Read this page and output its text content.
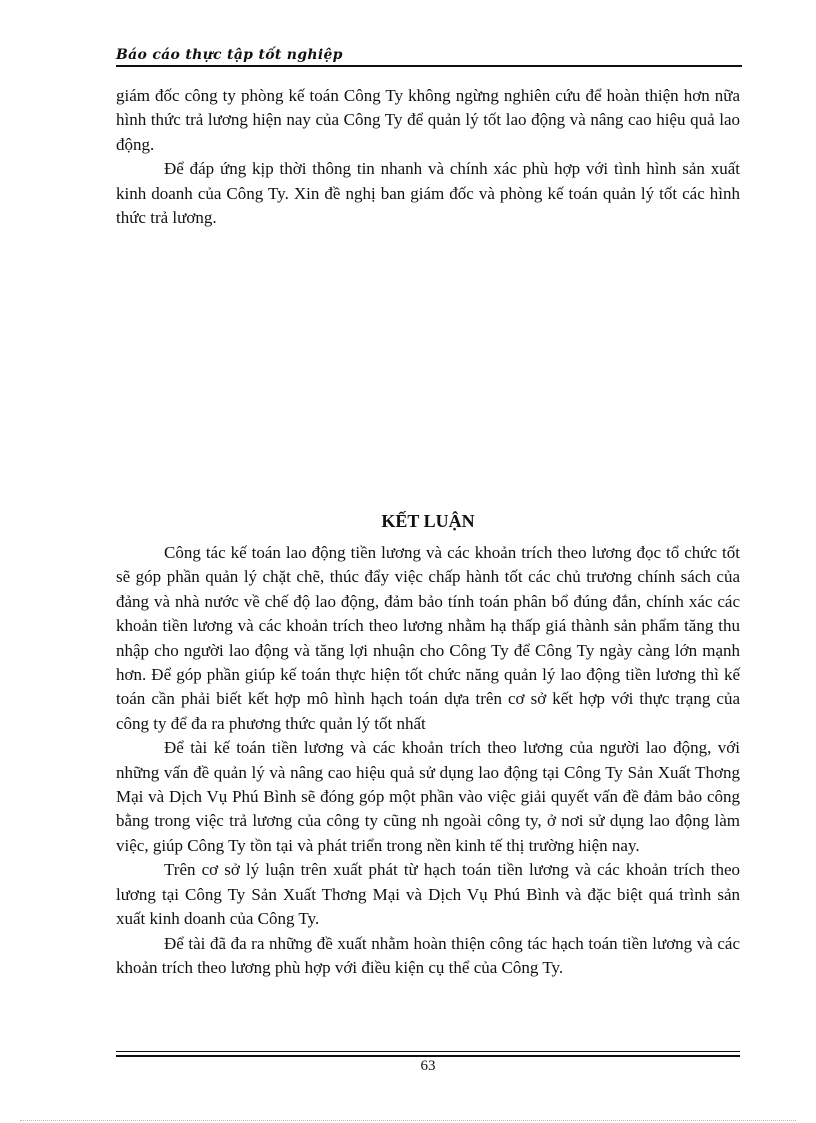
Báo cáo thực tập tốt nghiệp

giám đốc công ty phòng kế toán Công Ty không ngừng nghiên cứu để hoàn thiện hơn nữa hình thức trả lương hiện nay của Công Ty để quản lý tốt lao động và nâng cao hiệu quả lao động.

Để đáp ứng kịp thời thông tin nhanh và chính xác phù hợp với tình hình sản xuất kinh doanh của Công Ty. Xin đề nghị ban giám đốc và phòng kế toán quản lý tốt các hình thức trả lương.

KẾT LUẬN

Công tác kế toán lao động tiền lương và các khoản trích theo lương đọc tổ chức tốt sẽ góp phần quản lý chặt chẽ, thúc đẩy việc chấp hành tốt các chủ trương chính sách của đảng và nhà nước về chế độ lao động, đảm bảo tính toán phân bổ đúng đắn, chính xác các khoản tiền lương và các khoản trích theo lương nhằm hạ thấp giá thành sản phẩm tăng thu nhập cho người lao động và tăng lợi nhuận cho Công Ty để Công Ty ngày càng lớn mạnh hơn. Để góp phần giúp kế toán thực hiện tốt chức năng quản lý lao động tiền lương thì kế toán cần phải biết kết hợp mô hình hạch toán dựa trên cơ sở kết hợp với thực trạng của công ty để đa ra phương thức quản lý tốt nhất

Để tài kế toán tiền lương và các khoản trích theo lương của người lao động, với những vấn đề quản lý và nâng cao hiệu quả sử dụng lao động tại Công Ty Sản Xuất Thơng Mại và Dịch Vụ Phú Bình sẽ đóng góp một phần vào việc giải quyết vấn đề đảm bảo công bằng trong việc trả lương của công ty cũng nh ngoài công ty, ở nơi sử dụng lao động làm việc, giúp Công Ty tồn tại và phát triển trong nền kinh tế thị trường hiện nay.

Trên cơ sở lý luận trên xuất phát từ hạch toán tiền lương và các khoản trích theo lương tại Công Ty Sản Xuất Thơng Mại và Dịch Vụ Phú Bình và đặc biệt quá trình sản xuất kinh doanh của Công Ty.

Để tài đã đa ra những đề xuất nhằm hoàn thiện công tác hạch toán tiền lương và các khoản trích theo lương phù hợp với điều kiện cụ thể của Công Ty.

63
